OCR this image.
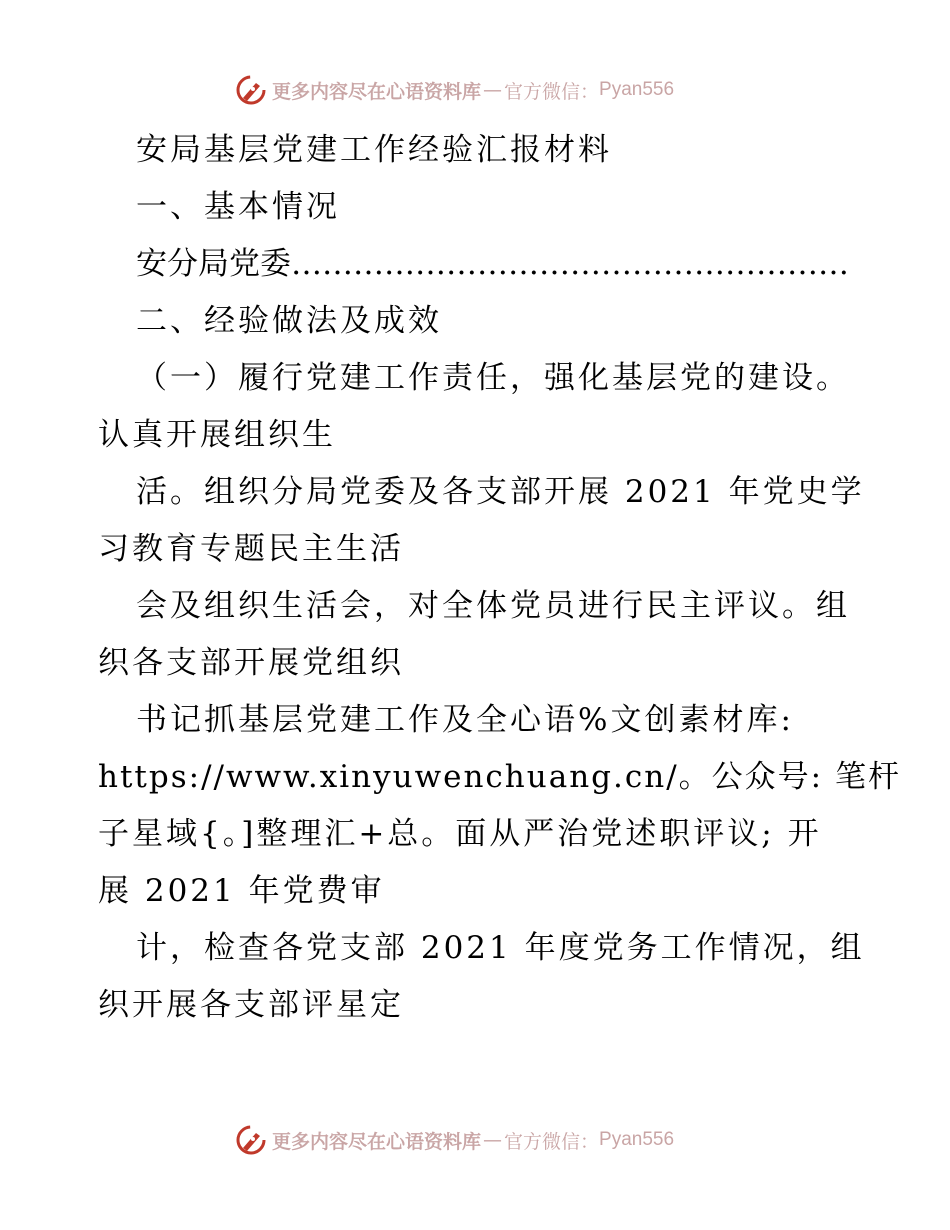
更多内容尽在心语资料库 — 官方微信： Pyan556
安局基层党建工作经验汇报材料
一、基本情况
安分局党委………………………………………………
二、经验做法及成效
（一）履行党建工作责任，强化基层党的建设。
认真开展组织生
活。组织分局党委及各支部开展 2021 年党史学
习教育专题民主生活
会及组织生活会，对全体党员进行民主评议。组
织各支部开展党组织
书记抓基层党建工作及全心语%文创素材库:
https://www.xinyuwenchuang.cn/。公众号: 笔杆
子星域{。]整理汇+总。面从严治党述职评议; 开
展 2021 年党费审
计，检查各党支部 2021 年度党务工作情况，组
织开展各支部评星定
更多内容尽在心语资料库 — 官方微信： Pyan556
